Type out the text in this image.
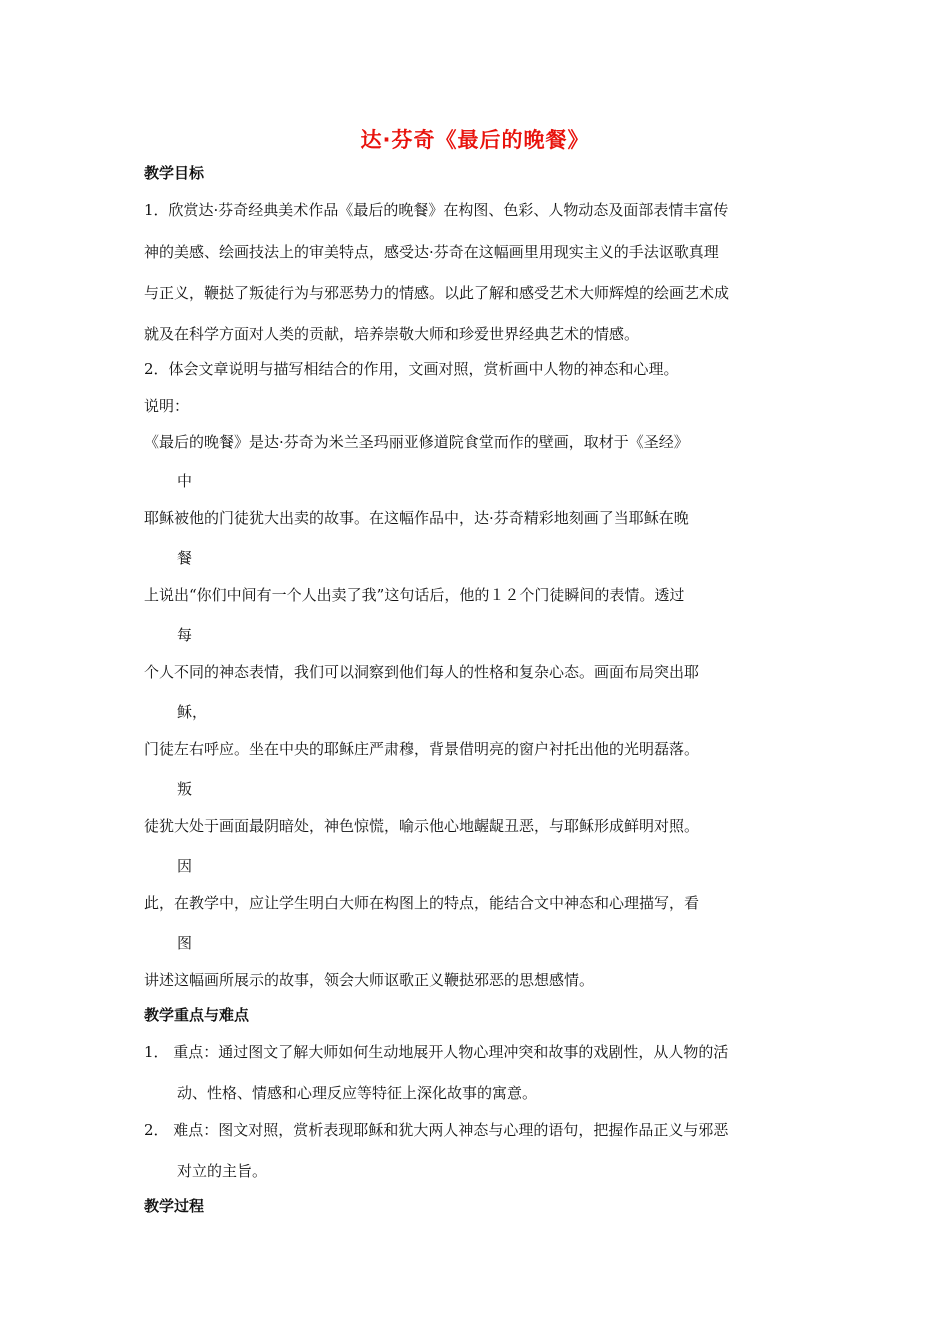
达·芬奇《最后的晚餐》
教学目标
1．欣赏达·芬奇经典美术作品《最后的晚餐》在构图、色彩、人物动态及面部表情丰富传
神的美感、绘画技法上的审美特点，感受达·芬奇在这幅画里用现实主义的手法讴歌真理
与正义，鞭挞了叛徒行为与邪恶势力的情感。以此了解和感受艺术大师辉煌的绘画艺术成
就及在科学方面对人类的贡献，培养崇敬大师和珍爱世界经典艺术的情感。
2．体会文章说明与描写相结合的作用，文画对照，赏析画中人物的神态和心理。
说明：
《最后的晚餐》是达·芬奇为米兰圣玛丽亚修道院食堂而作的壁画，取材于《圣经》
中
耶稣被他的门徒犹大出卖的故事。在这幅作品中，达·芬奇精彩地刻画了当耶稣在晚
餐
上说出“你们中间有一个人出卖了我”这句话后，他的１２个门徒瞬间的表情。透过
每
个人不同的神态表情，我们可以洞察到他们每人的性格和复杂心态。画面布局突出耶
稣，
门徒左右呼应。坐在中央的耶稣庄严肃穆，背景借明亮的窗户衬托出他的光明磊落。
叛
徒犹大处于画面最阴暗处，神色惊慌，喻示他心地龌龊丑恶，与耶稣形成鲜明对照。
因
此，在教学中，应让学生明白大师在构图上的特点，能结合文中神态和心理描写，看
图
讲述这幅画所展示的故事，领会大师讴歌正义鞭挞邪恶的思想感情。
教学重点与难点
1． 重点：通过图文了解大师如何生动地展开人物心理冲突和故事的戏剧性，从人物的活
动、性格、情感和心理反应等特征上深化故事的寓意。
2． 难点：图文对照，赏析表现耶稣和犹大两人神态与心理的语句，把握作品正义与邪恶
对立的主旨。
教学过程
